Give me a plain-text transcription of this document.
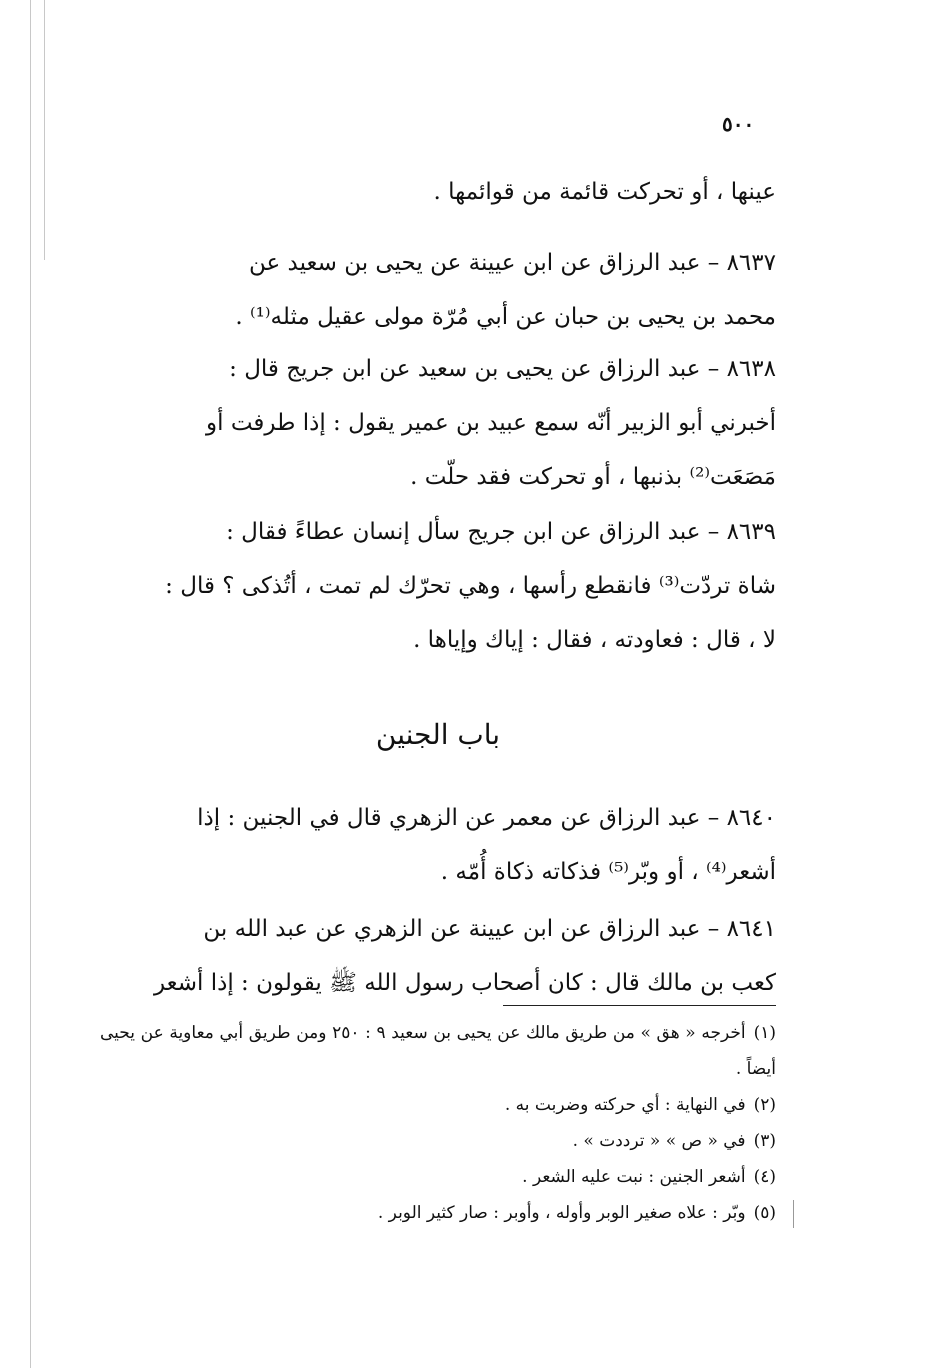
٥٠٠

عينها ، أو تحركت قائمة من قوائمها .

٨٦٣٧ – عبد الرزاق عن ابن عيينة عن يحيى بن سعيد عن
محمد بن يحيى بن حبان عن أبي مُرّة مولى عقيل مثله⁽¹⁾ .

٨٦٣٨ – عبد الرزاق عن يحيى بن سعيد عن ابن جريج قال :
أخبرني أبو الزبير أنّه سمع عبيد بن عمير يقول : إذا طرفت أو
مَصَعَت⁽²⁾ بذنبها ، أو تحركت فقد حلّت .

٨٦٣٩ – عبد الرزاق عن ابن جريج سأل إنسان عطاءً فقال :
شاة تردّت⁽³⁾ فانقطع رأسها ، وهي تحرّك لم تمت ، أتُذكى ؟ قال :
لا ، قال : فعاودته ، فقال : إياك وإياها .

باب الجنين

٨٦٤٠ – عبد الرزاق عن معمر عن الزهري قال في الجنين : إذا
أشعر⁽⁴⁾ ، أو وبّر⁽⁵⁾ فذكاته ذكاة أُمّه .

٨٦٤١ – عبد الرزاق عن ابن عيينة عن الزهري عن عبد الله بن
كعب بن مالك قال : كان أصحاب رسول الله ﷺ يقولون : إذا أشعر

(١)أخرجه « هق » من طريق مالك عن يحيى بن سعيد ٩ : ٢٥٠ ومن طريق أبي معاوية عن يحيى أيضاً .
(٢)في النهاية : أي حركته وضربت به .
(٣)في « ص » « ترددت » .
(٤)أشعر الجنين : نبت عليه الشعر .
(٥)وبّر : علاه صغير الوبر وأوله ، وأوبر : صار كثير الوبر .
